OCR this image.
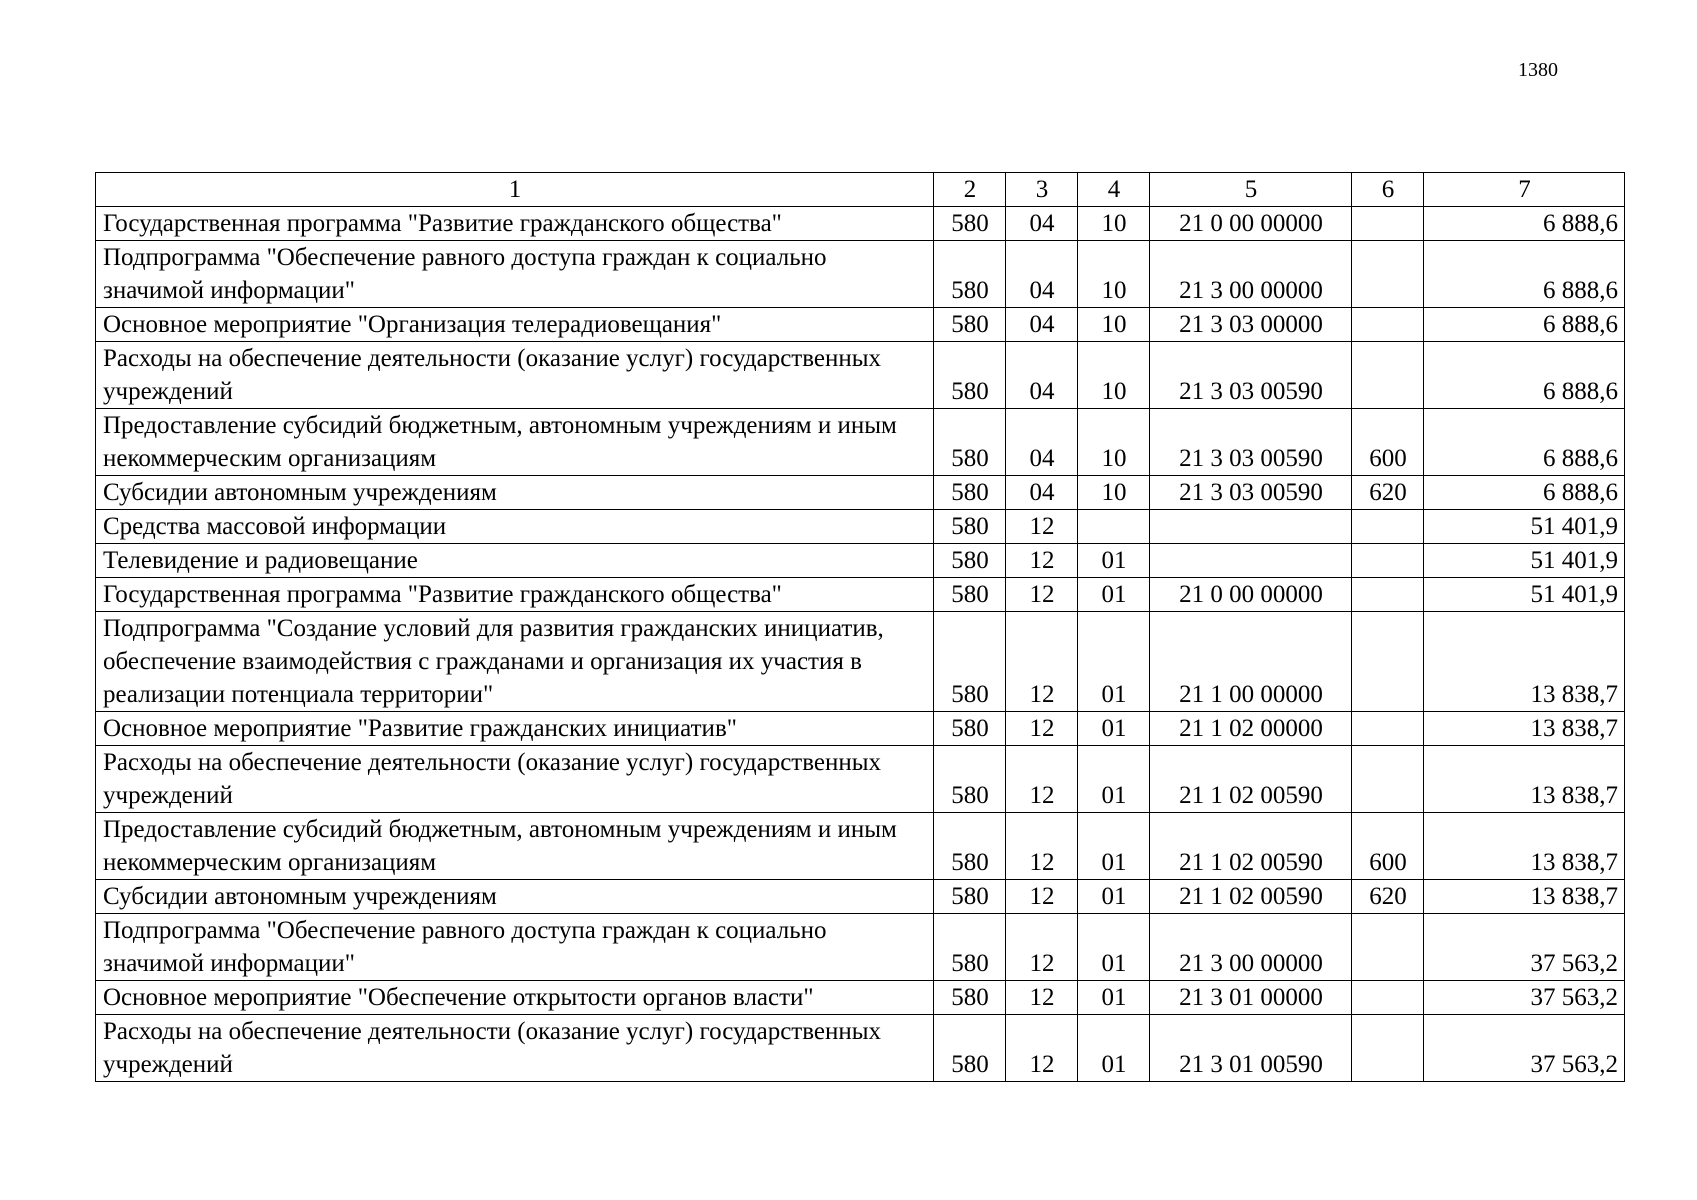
1380
1	2	3	4	5	6	7
Государственная программа "Развитие гражданского общества"	580	04	10	21 0 00 00000		6 888,6
Подпрограмма "Обеспечение равного доступа граждан к социально значимой информации"	580	04	10	21 3 00 00000		6 888,6
Основное мероприятие "Организация телерадиовещания"	580	04	10	21 3 03 00000		6 888,6
Расходы на обеспечение деятельности (оказание услуг) государственных учреждений	580	04	10	21 3 03 00590		6 888,6
Предоставление субсидий бюджетным, автономным учреждениям и иным некоммерческим организациям	580	04	10	21 3 03 00590	600	6 888,6
Субсидии автономным учреждениям	580	04	10	21 3 03 00590	620	6 888,6
Средства массовой информации	580	12				51 401,9
Телевидение и радиовещание	580	12	01			51 401,9
Государственная программа "Развитие гражданского общества"	580	12	01	21 0 00 00000		51 401,9
Подпрограмма "Создание условий для развития гражданских инициатив, обеспечение взаимодействия с гражданами и организация их участия в реализации потенциала территории"	580	12	01	21 1 00 00000		13 838,7
Основное мероприятие "Развитие гражданских инициатив"	580	12	01	21 1 02 00000		13 838,7
Расходы на обеспечение деятельности (оказание услуг) государственных учреждений	580	12	01	21 1 02 00590		13 838,7
Предоставление субсидий бюджетным, автономным учреждениям и иным некоммерческим организациям	580	12	01	21 1 02 00590	600	13 838,7
Субсидии автономным учреждениям	580	12	01	21 1 02 00590	620	13 838,7
Подпрограмма "Обеспечение равного доступа граждан к социально значимой информации"	580	12	01	21 3 00 00000		37 563,2
Основное мероприятие "Обеспечение открытости органов власти"	580	12	01	21 3 01 00000		37 563,2
Расходы на обеспечение деятельности (оказание услуг) государственных учреждений	580	12	01	21 3 01 00590		37 563,2
